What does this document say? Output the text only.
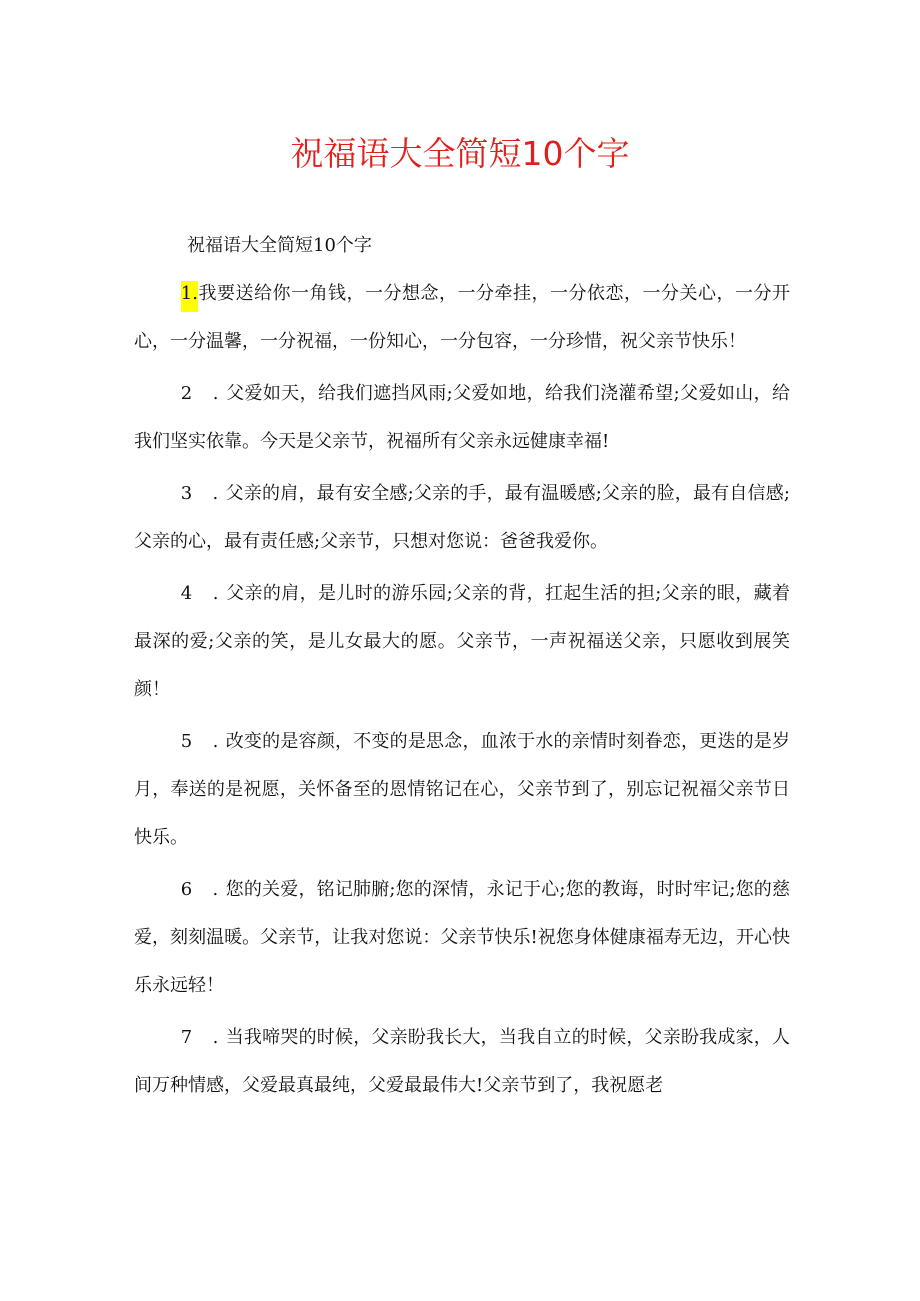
祝福语大全简短10个字
祝福语大全简短10个字

1.我要送给你一角钱，一分想念，一分牵挂，一分依恋，一分关心，一分开心，一分温馨，一分祝福，一份知心，一分包容，一分珍惜，祝父亲节快乐！

2 .父爱如天，给我们遮挡风雨;父爱如地，给我们浇灌希望;父爱如山，给我们坚实依靠。今天是父亲节，祝福所有父亲永远健康幸福!

3 .父亲的肩，最有安全感;父亲的手，最有温暖感;父亲的脸，最有自信感;父亲的心，最有责任感;父亲节，只想对您说：爸爸我爱你。

4 .父亲的肩，是儿时的游乐园;父亲的背，扛起生活的担;父亲的眼，藏着最深的爱;父亲的笑，是儿女最大的愿。父亲节，一声祝福送父亲，只愿收到展笑颜！

5 .改变的是容颜，不变的是思念，血浓于水的亲情时刻眷恋，更迭的是岁月，奉送的是祝愿，关怀备至的恩情铭记在心，父亲节到了，别忘记祝福父亲节日快乐。

6 .您的关爱，铭记肺腑;您的深情，永记于心;您的教诲，时时牢记;您的慈爱，刻刻温暖。父亲节，让我对您说：父亲节快乐!祝您身体健康福寿无边，开心快乐永远轻！

7 .当我啼哭的时候，父亲盼我长大，当我自立的时候，父亲盼我成家，人间万种情感，父爱最真最纯，父爱最最伟大!父亲节到了，我祝愿老
